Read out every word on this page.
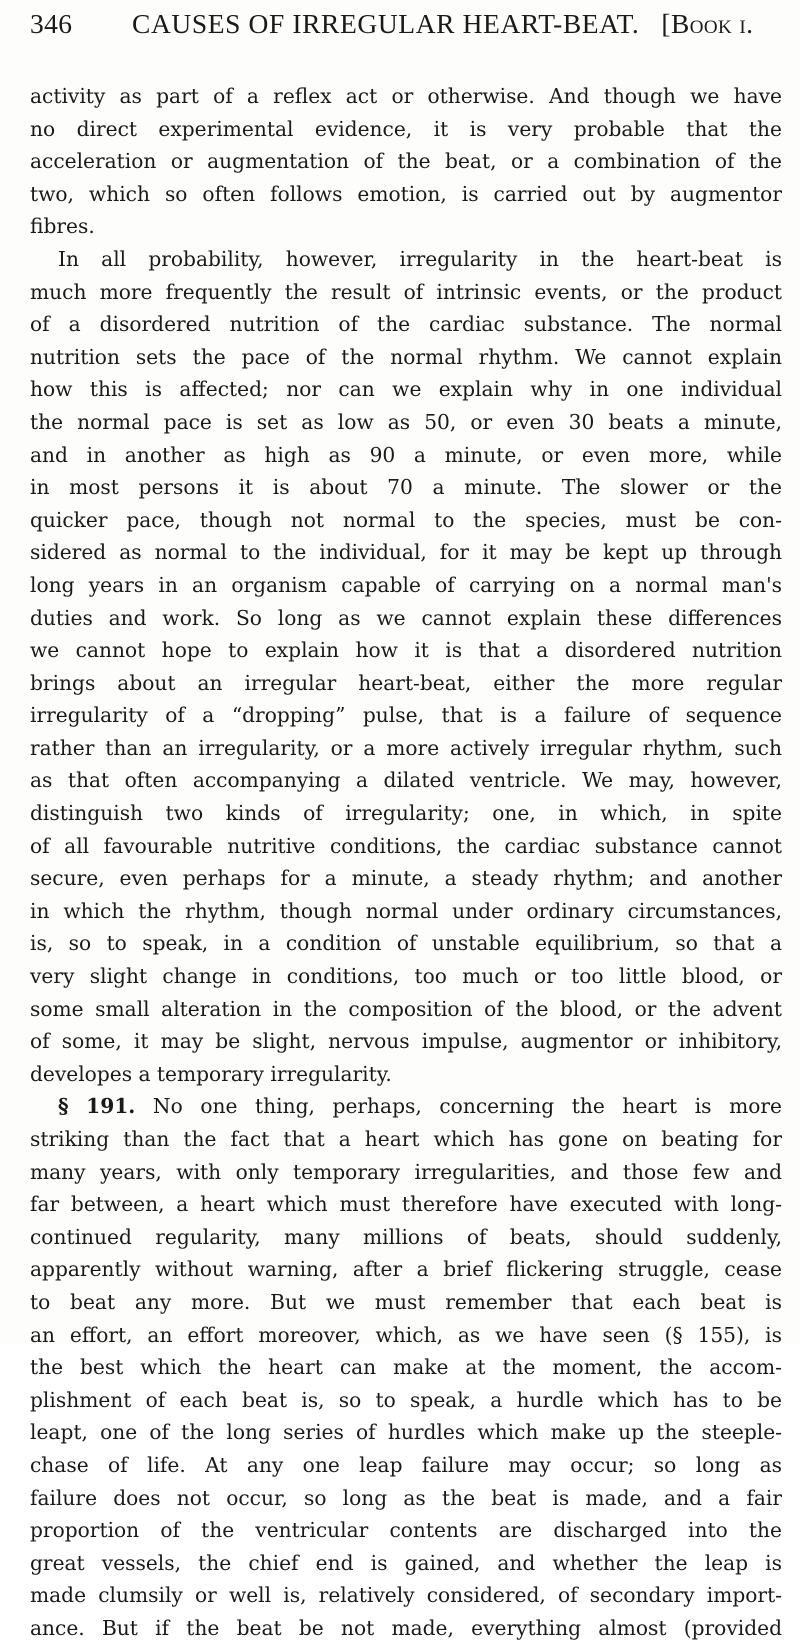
346	CAUSES OF IRREGULAR HEART-BEAT. [Book i.
activity as part of a reflex act or otherwise. And though we have
no direct experimental evidence, it is very probable that the
acceleration or augmentation of the beat, or a combination of the
two, which so often follows emotion, is carried out by augmentor
fibres.
In all probability, however, irregularity in the heart-beat is
much more frequently the result of intrinsic events, or the product
of a disordered nutrition of the cardiac substance. The normal
nutrition sets the pace of the normal rhythm. We cannot explain
how this is affected; nor can we explain why in one individual
the normal pace is set as low as 50, or even 30 beats a minute,
and in another as high as 90 a minute, or even more, while
in most persons it is about 70 a minute. The slower or the
quicker pace, though not normal to the species, must be con-
sidered as normal to the individual, for it may be kept up through
long years in an organism capable of carrying on a normal man's
duties and work. So long as we cannot explain these differences
we cannot hope to explain how it is that a disordered nutrition
brings about an irregular heart-beat, either the more regular
irregularity of a “dropping” pulse, that is a failure of sequence
rather than an irregularity, or a more actively irregular rhythm, such
as that often accompanying a dilated ventricle. We may, however,
distinguish two kinds of irregularity; one, in which, in spite
of all favourable nutritive conditions, the cardiac substance cannot
secure, even perhaps for a minute, a steady rhythm; and another
in which the rhythm, though normal under ordinary circumstances,
is, so to speak, in a condition of unstable equilibrium, so that a
very slight change in conditions, too much or too little blood, or
some small alteration in the composition of the blood, or the advent
of some, it may be slight, nervous impulse, augmentor or inhibitory,
developes a temporary irregularity.
§ 191. No one thing, perhaps, concerning the heart is more
striking than the fact that a heart which has gone on beating for
many years, with only temporary irregularities, and those few and
far between, a heart which must therefore have executed with long-
continued regularity, many millions of beats, should suddenly,
apparently without warning, after a brief flickering struggle, cease
to beat any more. But we must remember that each beat is
an effort, an effort moreover, which, as we have seen (§ 155), is
the best which the heart can make at the moment, the accom-
plishment of each beat is, so to speak, a hurdle which has to be
leapt, one of the long series of hurdles which make up the steeple-
chase of life. At any one leap failure may occur; so long as
failure does not occur, so long as the beat is made, and a fair
proportion of the ventricular contents are discharged into the
great vessels, the chief end is gained, and whether the leap is
made clumsily or well is, relatively considered, of secondary import-
ance. But if the beat be not made, everything almost (provided
